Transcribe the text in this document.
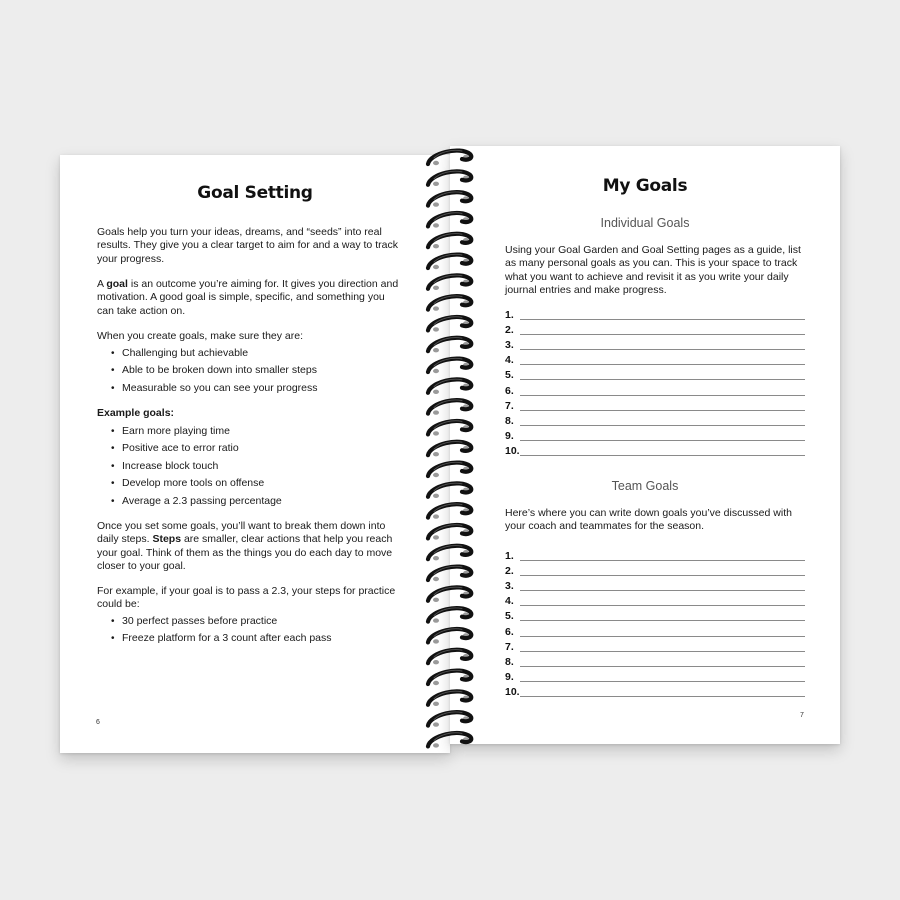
Goal Setting

Goals help you turn your ideas, dreams, and “seeds” into real results. They give you a clear target to aim for and a way to track your progress.

A goal is an outcome you’re aiming for. It gives you direction and motivation. A good goal is simple, specific, and something you can take action on.

When you create goals, make sure they are:

• Challenging but achievable
• Able to be broken down into smaller steps
• Measurable so you can see your progress

Example goals:

• Earn more playing time
• Positive ace to error ratio
• Increase block touch
• Develop more tools on offense
• Average a 2.3 passing percentage

Once you set some goals, you’ll want to break them down into daily steps. Steps are smaller, clear actions that help you reach your goal. Think of them as the things you do each day to move closer to your goal.

For example, if your goal is to pass a 2.3, your steps for practice could be:

• 30 perfect passes before practice
• Freeze platform for a 3 count after each pass
6
My Goals
Individual Goals

Using your Goal Garden and Goal Setting pages as a guide, list as many personal goals as you can. This is your space to track what you want to achieve and revisit it as you write your daily journal entries and make progress.

1.
2.
3.
4.
5.
6.
7.
8.
9.
10.
Team Goals

Here’s where you can write down goals you’ve discussed with your coach and teammates for the season.

1.
2.
3.
4.
5.
6.
7.
8.
9.
10.
7
